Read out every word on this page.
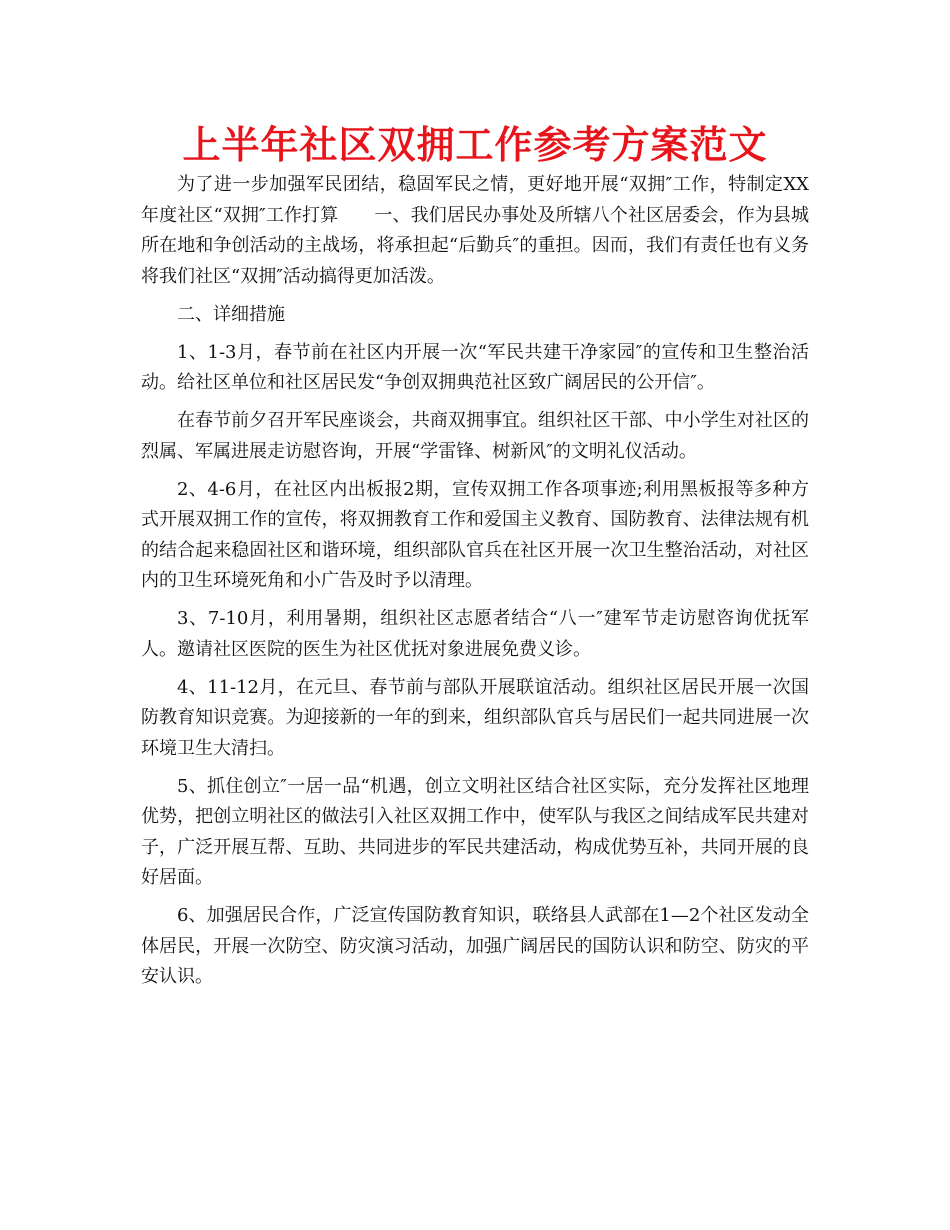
上半年社区双拥工作参考方案范文

为了进一步加强军民团结，稳固军民之情，更好地开展“双拥″工作，特制定XX年度社区“双拥″工作打算 一、我们居民办事处及所辖八个社区居委会，作为县城所在地和争创活动的主战场，将承担起“后勤兵″的重担。因而，我们有责任也有义务将我们社区“双拥″活动搞得更加活泼。

二、详细措施

1、1-3月，春节前在社区内开展一次“军民共建干净家园″的宣传和卫生整治活动。给社区单位和社区居民发“争创双拥典范社区致广阔居民的公开信″。

在春节前夕召开军民座谈会，共商双拥事宜。组织社区干部、中小学生对社区的烈属、军属进展走访慰咨询，开展“学雷锋、树新风″的文明礼仪活动。

2、4-6月，在社区内出板报2期，宣传双拥工作各项事迹;利用黑板报等多种方式开展双拥工作的宣传，将双拥教育工作和爱国主义教育、国防教育、法律法规有机的结合起来稳固社区和谐环境，组织部队官兵在社区开展一次卫生整治活动，对社区内的卫生环境死角和小广告及时予以清理。

3、7-10月，利用暑期，组织社区志愿者结合“八一″建军节走访慰咨询优抚军人。邀请社区医院的医生为社区优抚对象进展免费义诊。

4、11-12月，在元旦、春节前与部队开展联谊活动。组织社区居民开展一次国防教育知识竞赛。为迎接新的一年的到来，组织部队官兵与居民们一起共同进展一次环境卫生大清扫。

5、抓住创立″一居一品“机遇，创立文明社区结合社区实际，充分发挥社区地理优势，把创立明社区的做法引入社区双拥工作中，使军队与我区之间结成军民共建对子，广泛开展互帮、互助、共同进步的军民共建活动，构成优势互补，共同开展的良好居面。

6、加强居民合作，广泛宣传国防教育知识，联络县人武部在1—2个社区发动全体居民，开展一次防空、防灾演习活动，加强广阔居民的国防认识和防空、防灾的平安认识。
